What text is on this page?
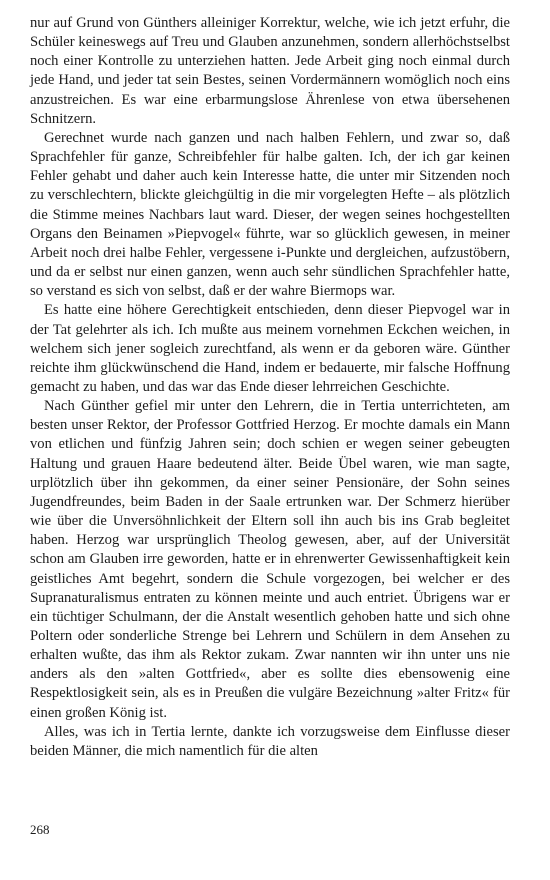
nur auf Grund von Günthers alleiniger Korrektur, welche, wie ich jetzt erfuhr, die Schüler keineswegs auf Treu und Glauben anzunehmen, sondern allerhöchstselbst noch einer Kontrolle zu unterziehen hatten. Jede Arbeit ging noch einmal durch jede Hand, und jeder tat sein Bestes, seinen Vordermännern womöglich noch eins anzustreichen. Es war eine erbarmungslose Ährenlese von etwa übersehenen Schnitzern.

Gerechnet wurde nach ganzen und nach halben Fehlern, und zwar so, daß Sprachfehler für ganze, Schreibfehler für halbe galten. Ich, der ich gar keinen Fehler gehabt und daher auch kein Interesse hatte, die unter mir Sitzenden noch zu verschlechtern, blickte gleichgültig in die mir vorgelegten Hefte – als plötzlich die Stimme meines Nachbars laut ward. Dieser, der wegen seines hochgestellten Organs den Beinamen »Piepvogel« führte, war so glücklich gewesen, in meiner Arbeit noch drei halbe Fehler, vergessene i-Punkte und dergleichen, aufzustöbern, und da er selbst nur einen ganzen, wenn auch sehr sündlichen Sprachfehler hatte, so verstand es sich von selbst, daß er der wahre Biermops war.

Es hatte eine höhere Gerechtigkeit entschieden, denn dieser Piepvogel war in der Tat gelehrter als ich. Ich mußte aus meinem vornehmen Eckchen weichen, in welchem sich jener sogleich zurechtfand, als wenn er da geboren wäre. Günther reichte ihm glückwünschend die Hand, indem er bedauerte, mir falsche Hoffnung gemacht zu haben, und das war das Ende dieser lehrreichen Geschichte.

Nach Günther gefiel mir unter den Lehrern, die in Tertia unterrichteten, am besten unser Rektor, der Professor Gottfried Herzog. Er mochte damals ein Mann von etlichen und fünfzig Jahren sein; doch schien er wegen seiner gebeugten Haltung und grauen Haare bedeutend älter. Beide Übel waren, wie man sagte, urplötzlich über ihn gekommen, da einer seiner Pensionäre, der Sohn seines Jugendfreundes, beim Baden in der Saale ertrunken war. Der Schmerz hierüber wie über die Unversöhnlichkeit der Eltern soll ihn auch bis ins Grab begleitet haben. Herzog war ursprünglich Theolog gewesen, aber, auf der Universität schon am Glauben irre geworden, hatte er in ehrenwerter Gewissenhaftigkeit kein geistliches Amt begehrt, sondern die Schule vorgezogen, bei welcher er des Supranaturalismus entraten zu können meinte und auch entriet. Übrigens war er ein tüchtiger Schulmann, der die Anstalt wesentlich gehoben hatte und sich ohne Poltern oder sonderliche Strenge bei Lehrern und Schülern in dem Ansehen zu erhalten wußte, das ihm als Rektor zukam. Zwar nannten wir ihn unter uns nie anders als den »alten Gottfried«, aber es sollte dies ebensowenig eine Respektlosigkeit sein, als es in Preußen die vulgäre Bezeichnung »alter Fritz« für einen großen König ist.

Alles, was ich in Tertia lernte, dankte ich vorzugsweise dem Einflusse dieser beiden Männer, die mich namentlich für die alten

268
